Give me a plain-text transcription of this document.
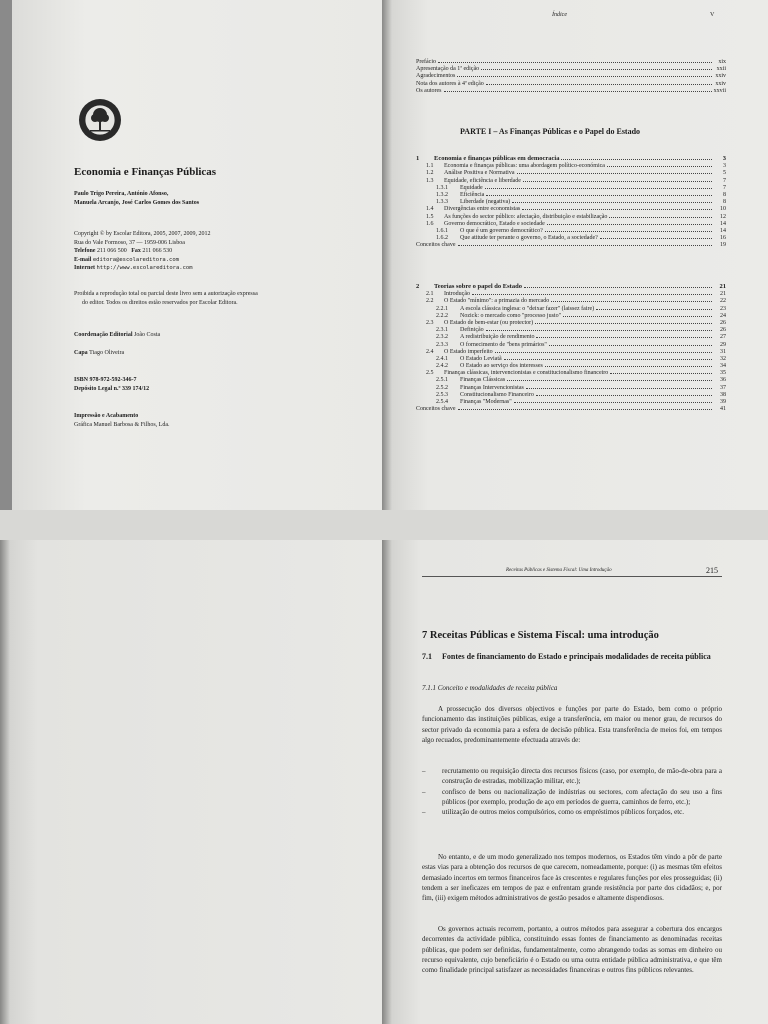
Economia e Finanças Públicas
Paulo Trigo Pereira, António Afonso,
Manuela Arcanjo, José Carlos Gomes dos Santos
Copyright © by Escolar Editora, 2005, 2007, 2009, 2012
Rua do Vale Formoso, 37 — 1959-006 Lisboa
Telefone 211 066 500 Fax 211 066 530
E-mail editora@escolareditora.com
Internet http://www.escolareditora.com
Proibida a reprodução total ou parcial deste livro sem a autorização expressa
do editor. Todos os direitos estão reservados por Escolar Editora.
Coordenação Editorial João Costa
Capa Tiago Oliveira
ISBN 978-972-592-346-7
Depósito Legal n.º 339 174/12
Impressão e Acabamento
Gráfica Manuel Barbosa & Filhos, Lda.
Índice	V
Prefácio	xix
Apresentação da 1ª edição	xxii
Agradecimentos	xxiv
Nota dos autores à 4ª edição	xxiv
Os autores	xxvii
PARTE I – As Finanças Públicas e o Papel do Estado
1 Economia e finanças públicas em democracia	3
1.1 Economia e finanças públicas: uma abordagem político-económica	3
1.2 Análise Positiva e Normativa	5
1.3 Equidade, eficiência e liberdade	7
1.3.1 Equidade	7
1.3.2 Eficiência	8
1.3.3 Liberdade (negativa)	8
1.4 Divergências entre economistas	10
1.5 As funções do sector público: afectação, distribuição e estabilização	12
1.6 Governo democrático, Estado e sociedade	14
1.6.1 O que é um governo democrático?	14
1.6.2 Que atitude ter perante o governo, o Estado, a sociedade?	16
Conceitos chave	19
2 Teorias sobre o papel do Estado	21
2.1 Introdução	21
2.2 O Estado "mínimo": a primazia do mercado	22
2.2.1 A escola clássica inglesa: o "deixar fazer" (laissez faire)	23
2.2.2 Nozick: o mercado como "processo justo"	24
2.3 O Estado de bem-estar (ou protector)	26
2.3.1 Definição	26
2.3.2 A redistribuição de rendimento	27
2.3.3 O fornecimento de "bens primários"	29
2.4 O Estado imperfeito	31
2.4.1 O Estado Leviatã	32
2.4.2 O Estado ao serviço dos interesses	34
2.5 Finanças clássicas, intervencionistas e constitucionalismo financeiro	35
2.5.1 Finanças Clássicas	36
2.5.2 Finanças Intervencionistas	37
2.5.3 Constitucionalismo Financeiro	38
2.5.4 Finanças "Modernas"	39
Conceitos chave	41
Receitas Públicas e Sistema Fiscal: Uma Introdução	215
7 Receitas Públicas e Sistema Fiscal: uma introdução
7.1 Fontes de financiamento do Estado e principais modalidades de receita pública
7.1.1 Conceito e modalidades de receita pública
A prossecução dos diversos objectivos e funções por parte do Estado, bem como o próprio funcionamento das instituições públicas, exige a transferência, em maior ou menor grau, de recursos do sector privado da economia para a esfera de decisão pública. Esta transferência de meios foi, em tempos algo recuados, predominantemente efectuada através de:
–	recrutamento ou requisição directa dos recursos físicos (caso, por exemplo, de mão-de-obra para a construção de estradas, mobilização militar, etc.);
–	confisco de bens ou nacionalização de indústrias ou sectores, com afectação do seu uso a fins públicos (por exemplo, produção de aço em períodos de guerra, caminhos de ferro, etc.);
–	utilização de outros meios compulsórios, como os empréstimos públicos forçados, etc.
No entanto, e de um modo generalizado nos tempos modernos, os Estados têm vindo a pôr de parte estas vias para a obtenção dos recursos de que carecem, nomeadamente, porque: (i) as mesmas têm efeitos demasiado incertos em termos financeiros face às crescentes e regulares funções por eles prosseguidas; (ii) tendem a ser ineficazes em tempos de paz e enfrentam grande resistência por parte dos cidadãos; e, por fim, (iii) exigem métodos administrativos de gestão pesados e altamente dispendiosos.
Os governos actuais recorrem, portanto, a outros métodos para assegurar a cobertura dos encargos decorrentes da actividade pública, constituindo essas fontes de financiamento as denominadas receitas públicas, que podem ser definidas, fundamentalmente, como abrangendo todas as somas em dinheiro ou recurso equivalente, cujo beneficiário é o Estado ou uma outra entidade pública administrativa, e que têm como finalidade principal satisfazer as necessidades financeiras e outros fins públicos relevantes.
